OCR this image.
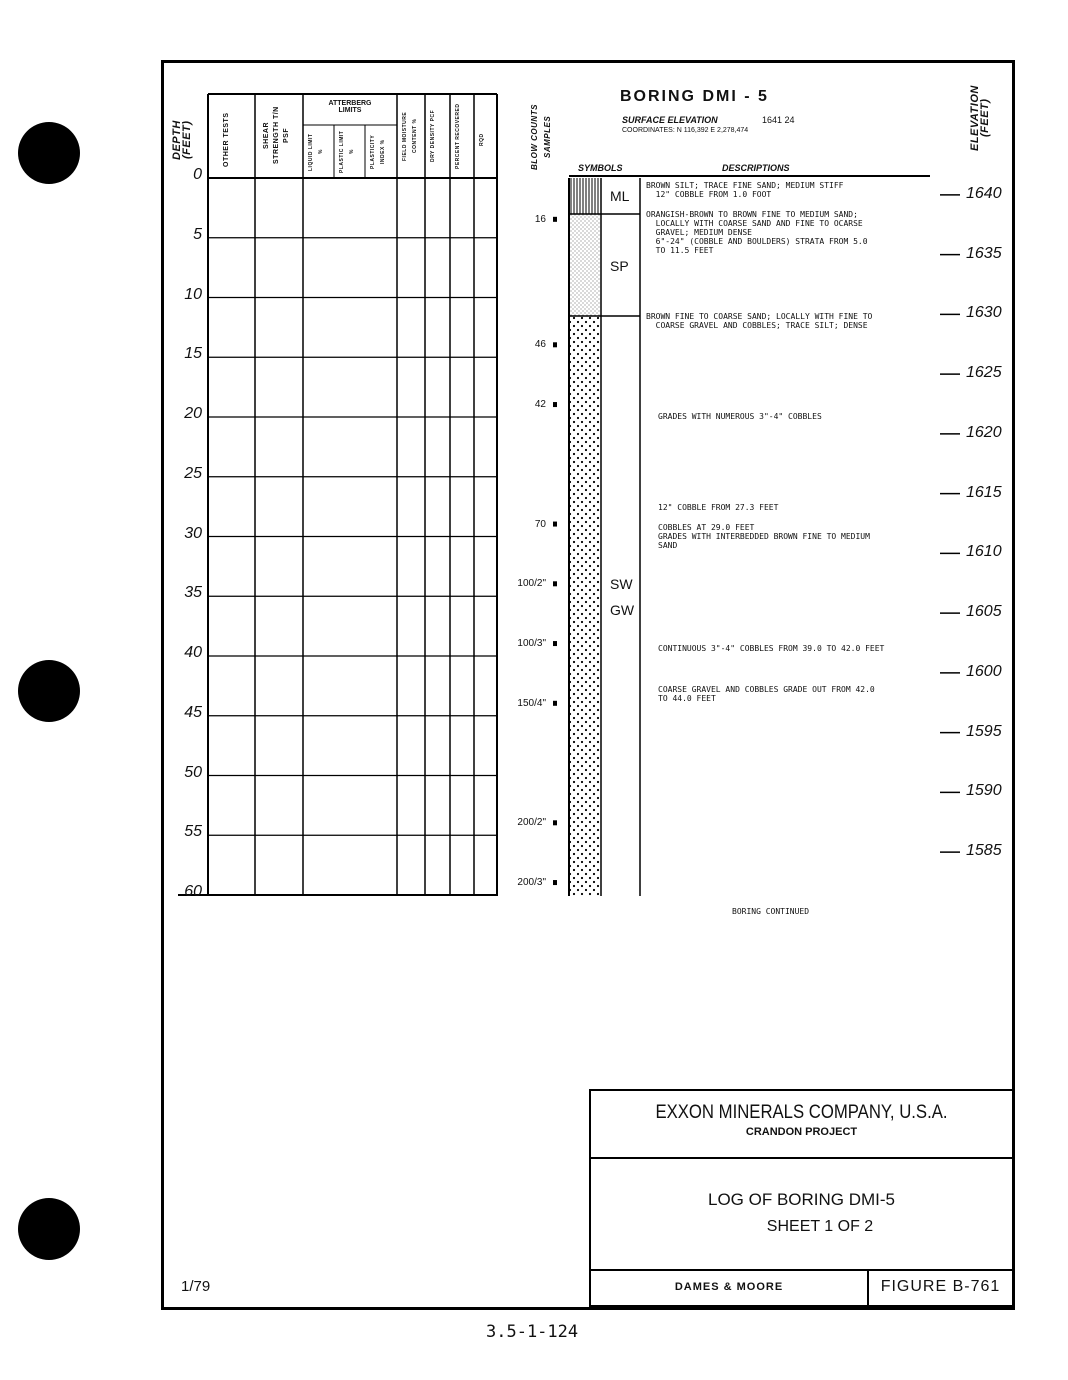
DEPTH (FEET)	OTHER TESTS	SHEAR STRENGTH T/N PSF
ATTERBERG LIMITS
LIQUID LIMIT %	PLASTIC LIMIT %	PLASTICITY INDEX %	FIELD MOISTURE CONTENT %	DRY DENSITY PCF	PERCENT RECOVERED	RQD	BLOW COUNTS SAMPLES
SYMBOLS	DESCRIPTIONS
ELEVATION (FEET)
BORING DMI - 5
SURFACE ELEVATION	1641 24
COORDINATES: N 116,392 E 2,278,474
0
5
10
15
20
25
30
35
40
45
50
55
60
1640
1635
1630
1625
1620
1615
1610
1605
1600
1595
1590
1585
16
46
42
70
100/2"
100/3"
150/4"
200/2"
200/3"
ML
SP
SW
GW
BROWN SILT; TRACE FINE SAND; MEDIUM STIFF
12" COBBLE FROM 1.0 FOOT
ORANGISH-BROWN TO BROWN FINE TO MEDIUM SAND;
LOCALLY WITH COARSE SAND AND FINE TO OCARSE
GRAVEL; MEDIUM DENSE
6"-24" (COBBLE AND BOULDERS) STRATA FROM 5.0
TO 11.5 FEET
BROWN FINE TO COARSE SAND; LOCALLY WITH FINE TO
COARSE GRAVEL AND COBBLES; TRACE SILT; DENSE
GRADES WITH NUMEROUS 3"-4" COBBLES
12" COBBLE FROM 27.3 FEET
COBBLES AT 29.0 FEET
GRADES WITH INTERBEDDED BROWN FINE TO MEDIUM
SAND
CONTINUOUS 3"-4" COBBLES FROM 39.0 TO 42.0 FEET
COARSE GRAVEL AND COBBLES GRADE OUT FROM 42.0
TO 44.0 FEET
BORING CONTINUED
EXXON MINERALS COMPANY, U.S.A.
CRANDON PROJECT
LOG OF BORING DMI-5
SHEET 1 OF 2
DAMES & MOORE	FIGURE B-761
1/79
3.5-1-124
